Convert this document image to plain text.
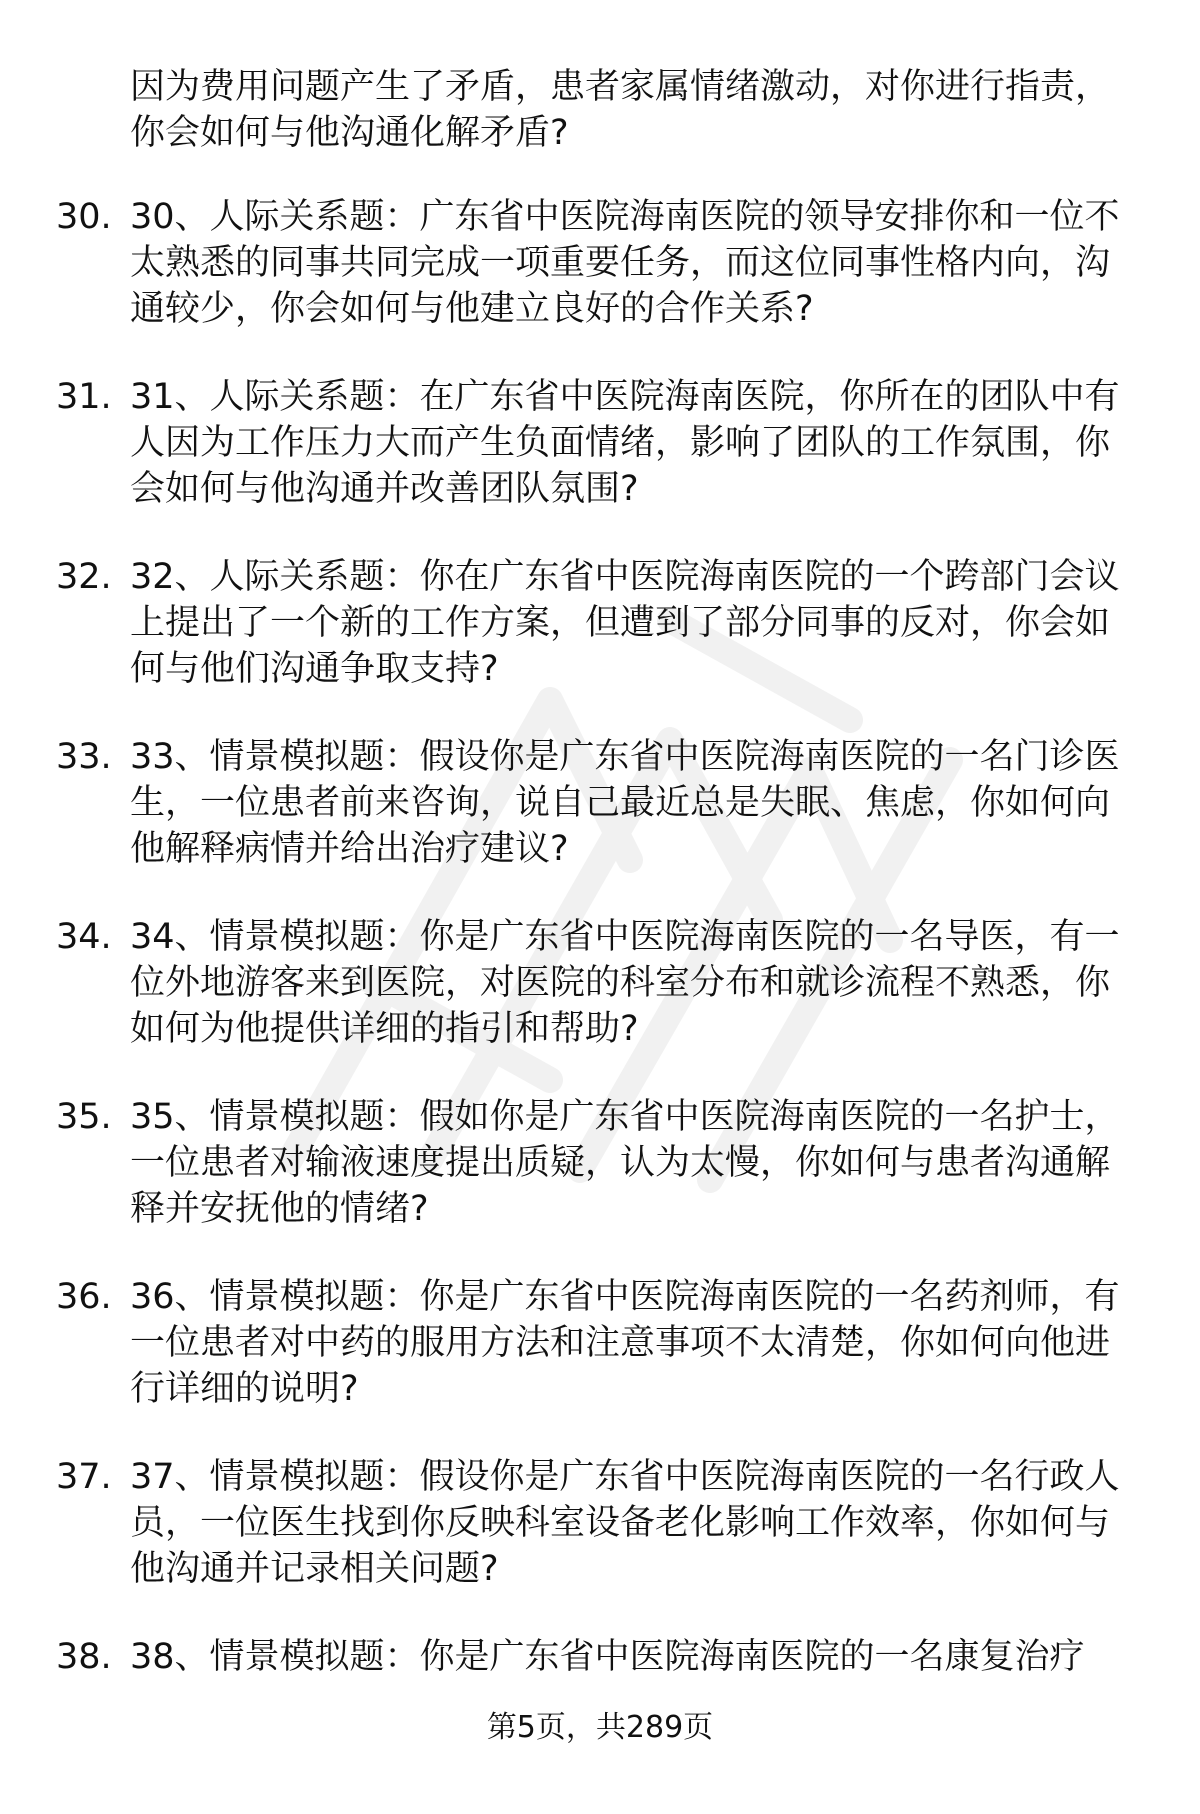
因为费用问题产生了矛盾，患者家属情绪激动，对你进行指责，
你会如何与他沟通化解矛盾?
30. 30、人际关系题：广东省中医院海南医院的领导安排你和一位不
太熟悉的同事共同完成一项重要任务，而这位同事性格内向，沟
通较少，你会如何与他建立良好的合作关系?
31. 31、人际关系题：在广东省中医院海南医院，你所在的团队中有
人因为工作压力大而产生负面情绪，影响了团队的工作氛围，你
会如何与他沟通并改善团队氛围?
32. 32、人际关系题：你在广东省中医院海南医院的一个跨部门会议
上提出了一个新的工作方案，但遭到了部分同事的反对，你会如
何与他们沟通争取支持?
33. 33、情景模拟题：假设你是广东省中医院海南医院的一名门诊医
生，一位患者前来咨询，说自己最近总是失眠、焦虑，你如何向
他解释病情并给出治疗建议?
34. 34、情景模拟题：你是广东省中医院海南医院的一名导医，有一
位外地游客来到医院，对医院的科室分布和就诊流程不熟悉，你
如何为他提供详细的指引和帮助?
35. 35、情景模拟题：假如你是广东省中医院海南医院的一名护士，
一位患者对输液速度提出质疑，认为太慢，你如何与患者沟通解
释并安抚他的情绪?
36. 36、情景模拟题：你是广东省中医院海南医院的一名药剂师，有
一位患者对中药的服用方法和注意事项不太清楚，你如何向他进
行详细的说明?
37. 37、情景模拟题：假设你是广东省中医院海南医院的一名行政人
员，一位医生找到你反映科室设备老化影响工作效率，你如何与
他沟通并记录相关问题?
38. 38、情景模拟题：你是广东省中医院海南医院的一名康复治疗
第5页，共289页
